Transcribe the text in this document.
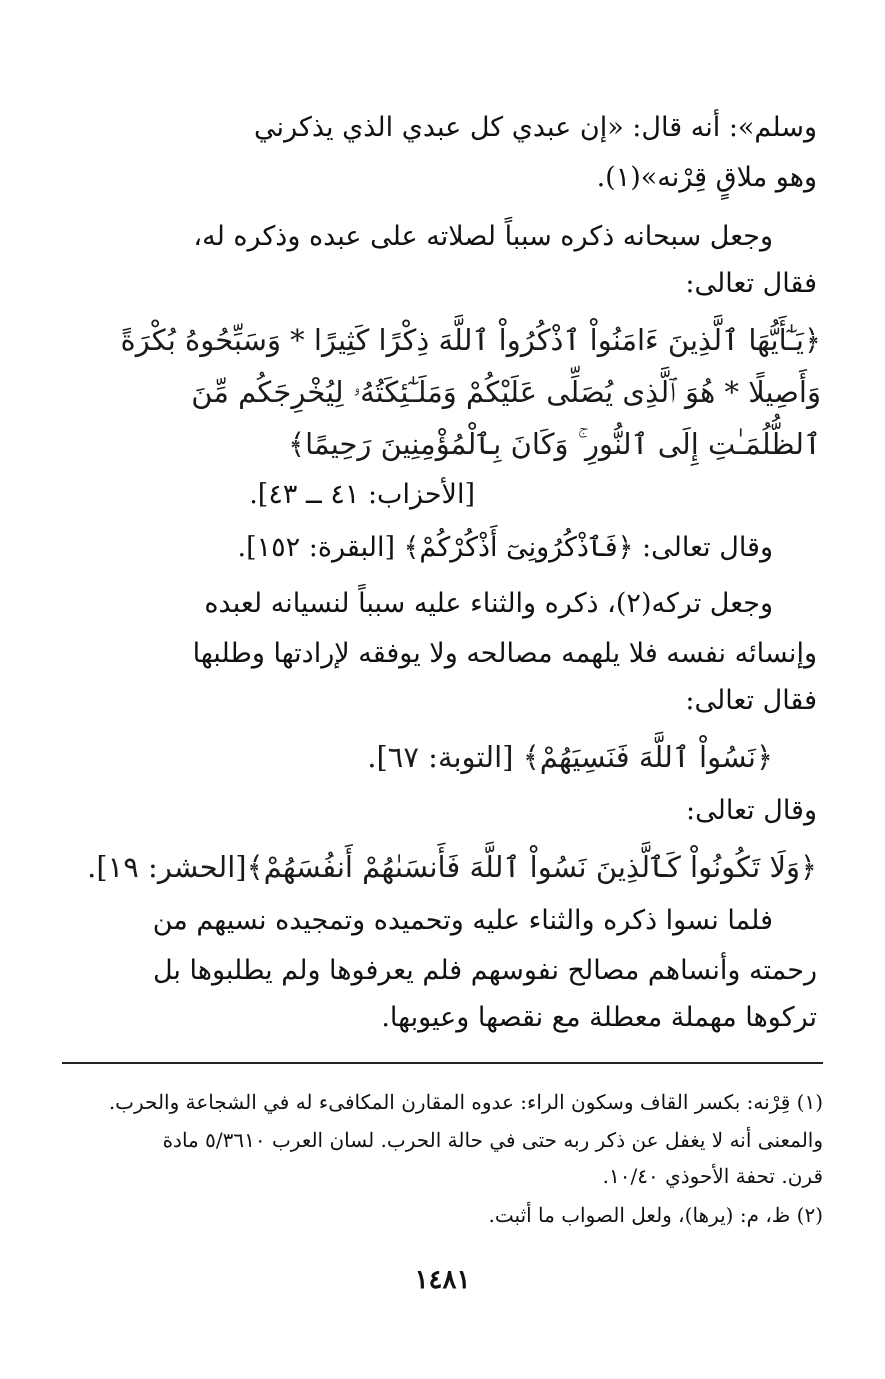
وسلم»: أنه قال: «إن عبدي كل عبدي الذي يذكرني
وهو ملاقٍ قِرْنه»(١).
وجعل سبحانه ذكره سبباً لصلاته على عبده وذكره له،
فقال تعالى:
﴿يَـٰٓأَيُّهَا ٱلَّذِينَ ءَامَنُواْ ٱذْكُرُواْ ٱللَّهَ ذِكْرًا كَثِيرًا * وَسَبِّحُوهُ بُكْرَةً
وَأَصِيلًا * هُوَ ٱلَّذِى يُصَلِّى عَلَيْكُمْ وَمَلَـٰٓئِكَتُهُۥ لِيُخْرِجَكُم مِّنَ
ٱلظُّلُمَـٰتِ إِلَى ٱلنُّورِ ۚ وَكَانَ بِٱلْمُؤْمِنِينَ رَحِيمًا﴾
[الأحزاب: ٤١ ــ ٤٣].
وقال تعالى: ﴿فَٱذْكُرُونِىٓ أَذْكُرْكُمْ﴾ [البقرة: ١٥٢].
وجعل تركه(٢)، ذكره والثناء عليه سبباً لنسيانه لعبده
وإنسائه نفسه فلا يلهمه مصالحه ولا يوفقه لإرادتها وطلبها
فقال تعالى:
﴿نَسُواْ ٱللَّهَ فَنَسِيَهُمْ﴾ [التوبة: ٦٧].
وقال تعالى:
﴿وَلَا تَكُونُواْ كَٱلَّذِينَ نَسُواْ ٱللَّهَ فَأَنسَىٰهُمْ أَنفُسَهُمْ﴾[الحشر: ١٩].
فلما نسوا ذكره والثناء عليه وتحميده وتمجيده نسيهم من
رحمته وأنساهم مصالح نفوسهم فلم يعرفوها ولم يطلبوها بل
تركوها مهملة معطلة مع نقصها وعيوبها.
(١) قِرْنه: بكسر القاف وسكون الراء: عدوه المقارن المكافىء له في الشجاعة والحرب.
والمعنى أنه لا يغفل عن ذكر ربه حتى في حالة الحرب. لسان العرب ٥/٣٦١٠ مادة
قرن. تحفة الأحوذي ١٠/٤٠.
(٢) ظ، م: (يرها)، ولعل الصواب ما أثبت.
١٤٨١
